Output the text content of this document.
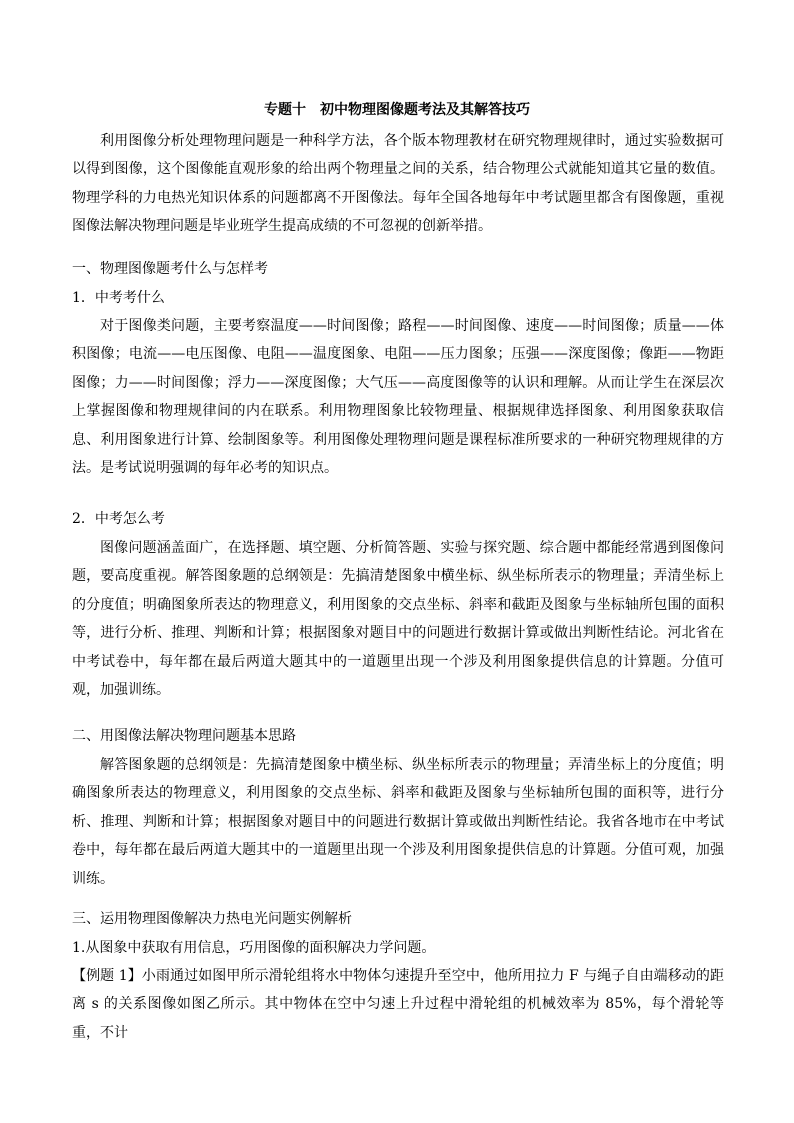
专题十　初中物理图像题考法及其解答技巧

利用图像分析处理物理问题是一种科学方法，各个版本物理教材在研究物理规律时，通过实验数据可以得到图像，这个图像能直观形象的给出两个物理量之间的关系，结合物理公式就能知道其它量的数值。物理学科的力电热光知识体系的问题都离不开图像法。每年全国各地每年中考试题里都含有图像题，重视图像法解决物理问题是毕业班学生提高成绩的不可忽视的创新举措。

一、物理图像题考什么与怎样考

1．中考考什么

对于图像类问题，主要考察温度——时间图像；路程——时间图像、速度——时间图像；质量——体积图像；电流——电压图像、电阻——温度图象、电阻——压力图象；压强——深度图像；像距——物距图像；力——时间图像；浮力——深度图像；大气压——高度图像等的认识和理解。从而让学生在深层次上掌握图像和物理规律间的内在联系。利用物理图象比较物理量、根据规律选择图象、利用图象获取信息、利用图象进行计算、绘制图象等。利用图像处理物理问题是课程标准所要求的一种研究物理规律的方法。是考试说明强调的每年必考的知识点。

2．中考怎么考

图像问题涵盖面广，在选择题、填空题、分析简答题、实验与探究题、综合题中都能经常遇到图像问题，要高度重视。解答图象题的总纲领是：先搞清楚图象中横坐标、纵坐标所表示的物理量；弄清坐标上的分度值；明确图象所表达的物理意义，利用图象的交点坐标、斜率和截距及图象与坐标轴所包围的面积等，进行分析、推理、判断和计算；根据图象对题目中的问题进行数据计算或做出判断性结论。河北省在中考试卷中，每年都在最后两道大题其中的一道题里出现一个涉及利用图象提供信息的计算题。分值可观，加强训练。

二、用图像法解决物理问题基本思路

解答图象题的总纲领是：先搞清楚图象中横坐标、纵坐标所表示的物理量；弄清坐标上的分度值；明确图象所表达的物理意义，利用图象的交点坐标、斜率和截距及图象与坐标轴所包围的面积等，进行分析、推理、判断和计算；根据图象对题目中的问题进行数据计算或做出判断性结论。我省各地市在中考试卷中，每年都在最后两道大题其中的一道题里出现一个涉及利用图象提供信息的计算题。分值可观，加强训练。

三、运用物理图像解决力热电光问题实例解析

1.从图象中获取有用信息，巧用图像的面积解决力学问题。

【例题 1】小雨通过如图甲所示滑轮组将水中物体匀速提升至空中，他所用拉力 F 与绳子自由端移动的距离 s 的关系图像如图乙所示。其中物体在空中匀速上升过程中滑轮组的机械效率为 85%，每个滑轮等重，不计
